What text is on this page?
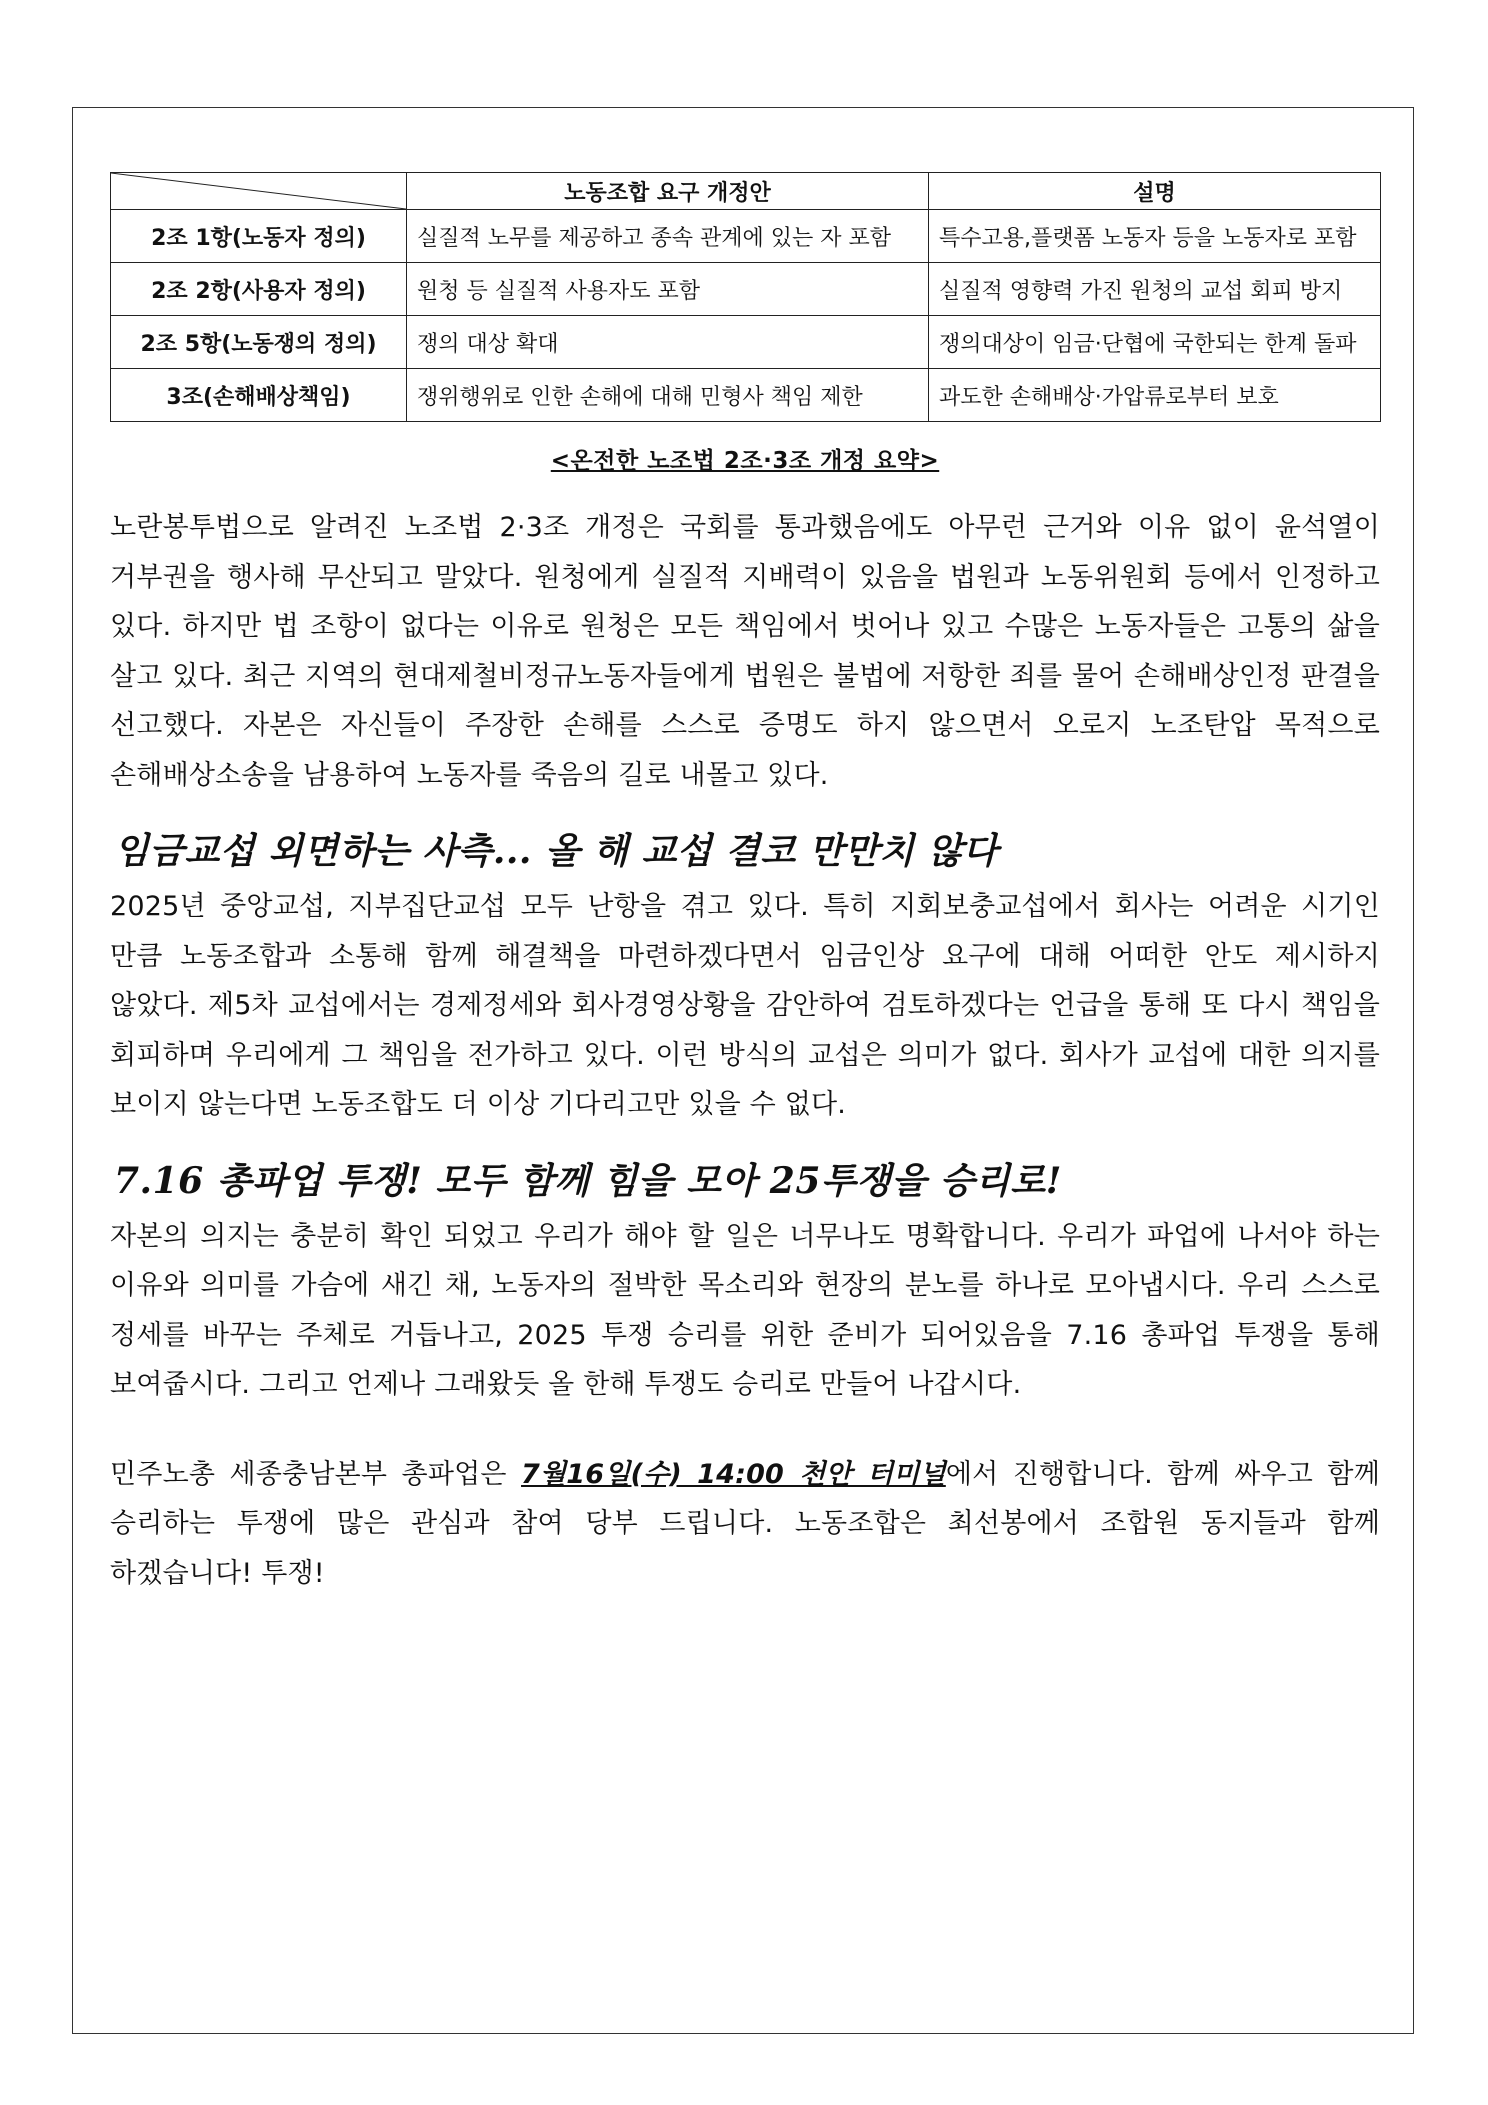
	노동조합 요구 개정안	설명
2조 1항(노동자 정의)	실질적 노무를 제공하고 종속 관계에 있는 자 포함	특수고용,플랫폼 노동자 등을 노동자로 포함
2조 2항(사용자 정의)	원청 등 실질적 사용자도 포함	실질적 영향력 가진 원청의 교섭 회피 방지
2조 5항(노동쟁의 정의)	쟁의 대상 확대	쟁의대상이 임금·단협에 국한되는 한계 돌파
3조(손해배상책임)	쟁위행위로 인한 손해에 대해 민형사 책임 제한	과도한 손해배상·가압류로부터 보호
<온전한 노조법 2조·3조 개정 요약>

노란봉투법으로 알려진 노조법 2·3조 개정은 국회를 통과했음에도 아무런 근거와 이유 없이 윤석열이 거부권을 행사해 무산되고 말았다. 원청에게 실질적 지배력이 있음을 법원과 노동위원회 등에서 인정하고 있다. 하지만 법 조항이 없다는 이유로 원청은 모든 책임에서 벗어나 있고 수많은 노동자들은 고통의 삶을 살고 있다. 최근 지역의 현대제철비정규노동자들에게 법원은 불법에 저항한 죄를 물어 손해배상인정 판결을 선고했다. 자본은 자신들이 주장한 손해를 스스로 증명도 하지 않으면서 오로지 노조탄압 목적으로 손해배상소송을 남용하여 노동자를 죽음의 길로 내몰고 있다.

임금교섭 외면하는 사측... 올 해 교섭 결코 만만치 않다

2025년 중앙교섭, 지부집단교섭 모두 난항을 겪고 있다. 특히 지회보충교섭에서 회사는 어려운 시기인 만큼 노동조합과 소통해 함께 해결책을 마련하겠다면서 임금인상 요구에 대해 어떠한 안도 제시하지 않았다. 제5차 교섭에서는 경제정세와 회사경영상황을 감안하여 검토하겠다는 언급을 통해 또 다시 책임을 회피하며 우리에게 그 책임을 전가하고 있다. 이런 방식의 교섭은 의미가 없다. 회사가 교섭에 대한 의지를 보이지 않는다면 노동조합도 더 이상 기다리고만 있을 수 없다.

7.16 총파업 투쟁! 모두 함께 힘을 모아 25투쟁을 승리로!

자본의 의지는 충분히 확인 되었고 우리가 해야 할 일은 너무나도 명확합니다. 우리가 파업에 나서야 하는 이유와 의미를 가슴에 새긴 채, 노동자의 절박한 목소리와 현장의 분노를 하나로 모아냅시다. 우리 스스로 정세를 바꾸는 주체로 거듭나고, 2025 투쟁 승리를 위한 준비가 되어있음을 7.16 총파업 투쟁을 통해 보여줍시다. 그리고 언제나 그래왔듯 올 한해 투쟁도 승리로 만들어 나갑시다.

민주노총 세종충남본부 총파업은 7월16일(수) 14:00 천안 터미널에서 진행합니다. 함께 싸우고 함께 승리하는 투쟁에 많은 관심과 참여 당부 드립니다. 노동조합은 최선봉에서 조합원 동지들과 함께 하겠습니다! 투쟁!
